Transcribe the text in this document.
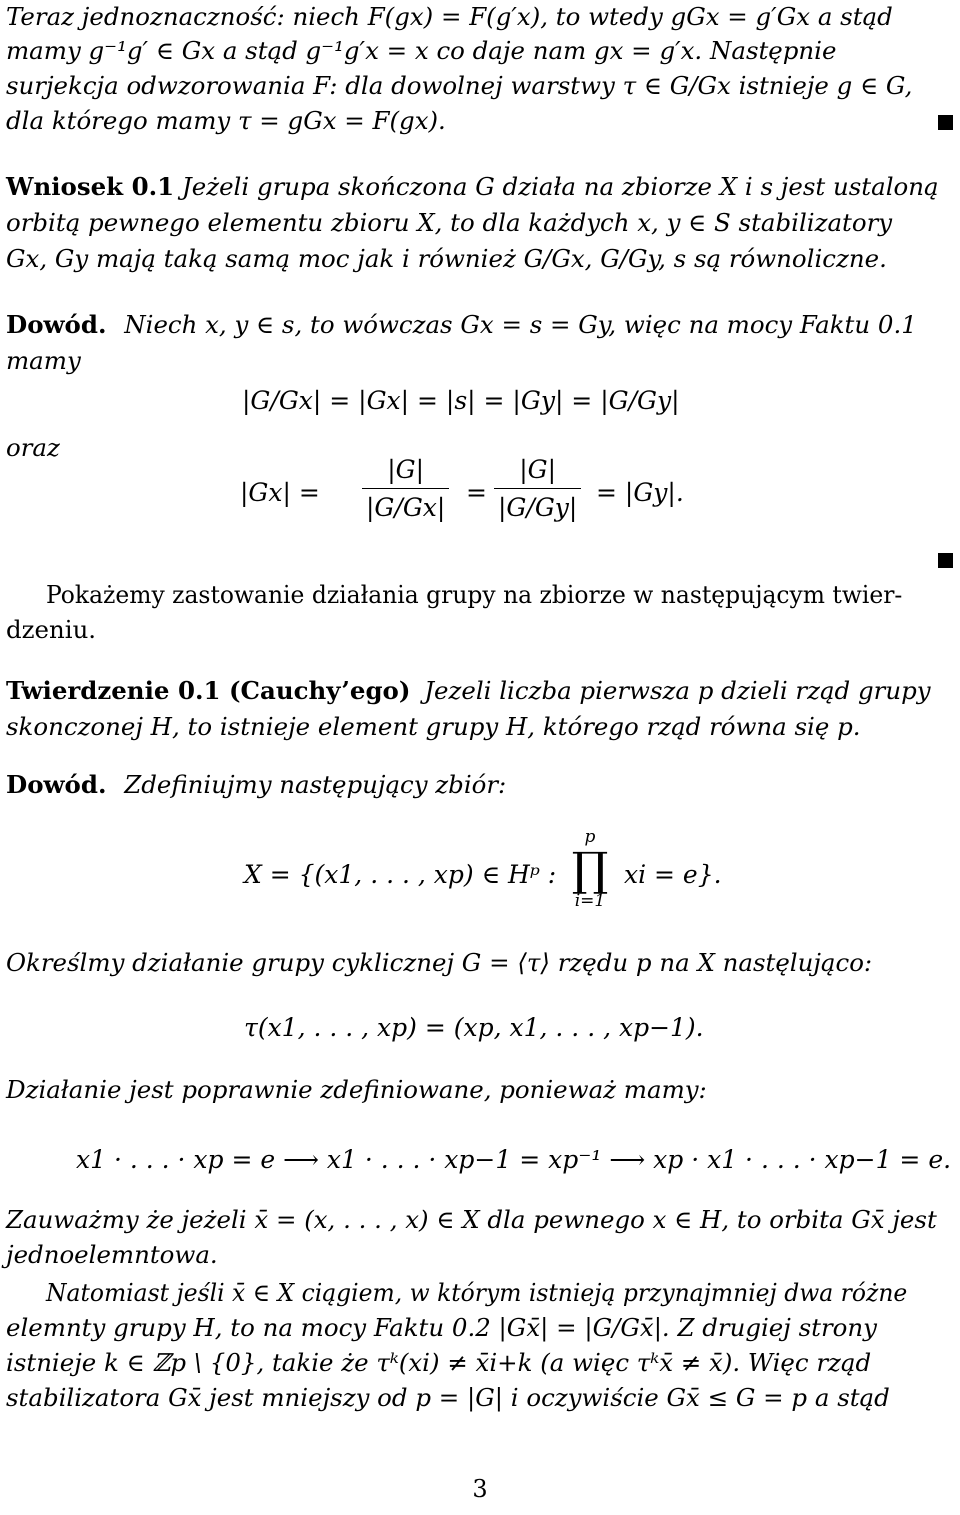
Teraz jednoznaczność: niech F(gx) = F(g′x), to wtedy gGx = g′Gx a stąd
mamy g⁻¹g′ ∈ Gx a stąd g⁻¹g′x = x co daje nam gx = g′x. Następnie
surjekcja odwzorowania F: dla dowolnej warstwy τ ∈ G/Gx istnieje g ∈ G,
dla którego mamy τ = gGx = F(gx).
Wniosek 0.1 Jeżeli grupa skończona G działa na zbiorze X i s jest ustaloną
orbitą pewnego elementu zbioru X, to dla każdych x, y ∈ S stabilizatory
Gx, Gy mają taką samą moc jak i również G/Gx, G/Gy, s są równoliczne.
Dowód. Niech x, y ∈ s, to wówczas Gx = s = Gy, więc na mocy Faktu 0.1
mamy
|G/Gx| = |Gx| = |s| = |Gy| = |G/Gy|
oraz
$|Gx| = \frac{|G|}{|G/Gx|} = \frac{|G|}{|G/Gy|} = |Gy|$.
Pokażemy zastowanie działania grupy na zbiorze w następującym twier-
dzeniu.
Twierdzenie 0.1 (Cauchy’ego) Jezeli liczba pierwsza p dzieli rząd grupy
skonczonej H, to istnieje element grupy H, którego rząd równa się p.
Dowód. Zdefiniujmy następujący zbiór:
X = {(x1, . . . , xp) ∈ Hᵖ :
p
∏
i=1
xi = e}.
Określmy działanie grupy cyklicznej G = ⟨τ⟩ rzędu p na X nastęlująco:
τ(x1, . . . , xp) = (xp, x1, . . . , xp−1).
Działanie jest poprawnie zdefiniowane, ponieważ mamy:
x1 · . . . · xp = e ⟶ x1 · . . . · xp−1 = xp⁻¹ ⟶ xp · x1 · . . . · xp−1 = e.
Zauważmy że jeżeli x̄ = (x, . . . , x) ∈ X dla pewnego x ∈ H, to orbita Gx̄ jest
jednoelemntowa.
Natomiast jeśli x̄ ∈ X ciągiem, w którym istnieją przynajmniej dwa różne
elemnty grupy H, to na mocy Faktu 0.2 |Gx̄| = |G/Gx̄|. Z drugiej strony
istnieje k ∈ ℤp \ {0}, takie że τᵏ(xi) ≠ x̄i+k (a więc τᵏx̄ ≠ x̄). Więc rząd
stabilizatora Gx̄ jest mniejszy od p = |G| i oczywiście Gx̄ ≤ G = p a stąd
3
